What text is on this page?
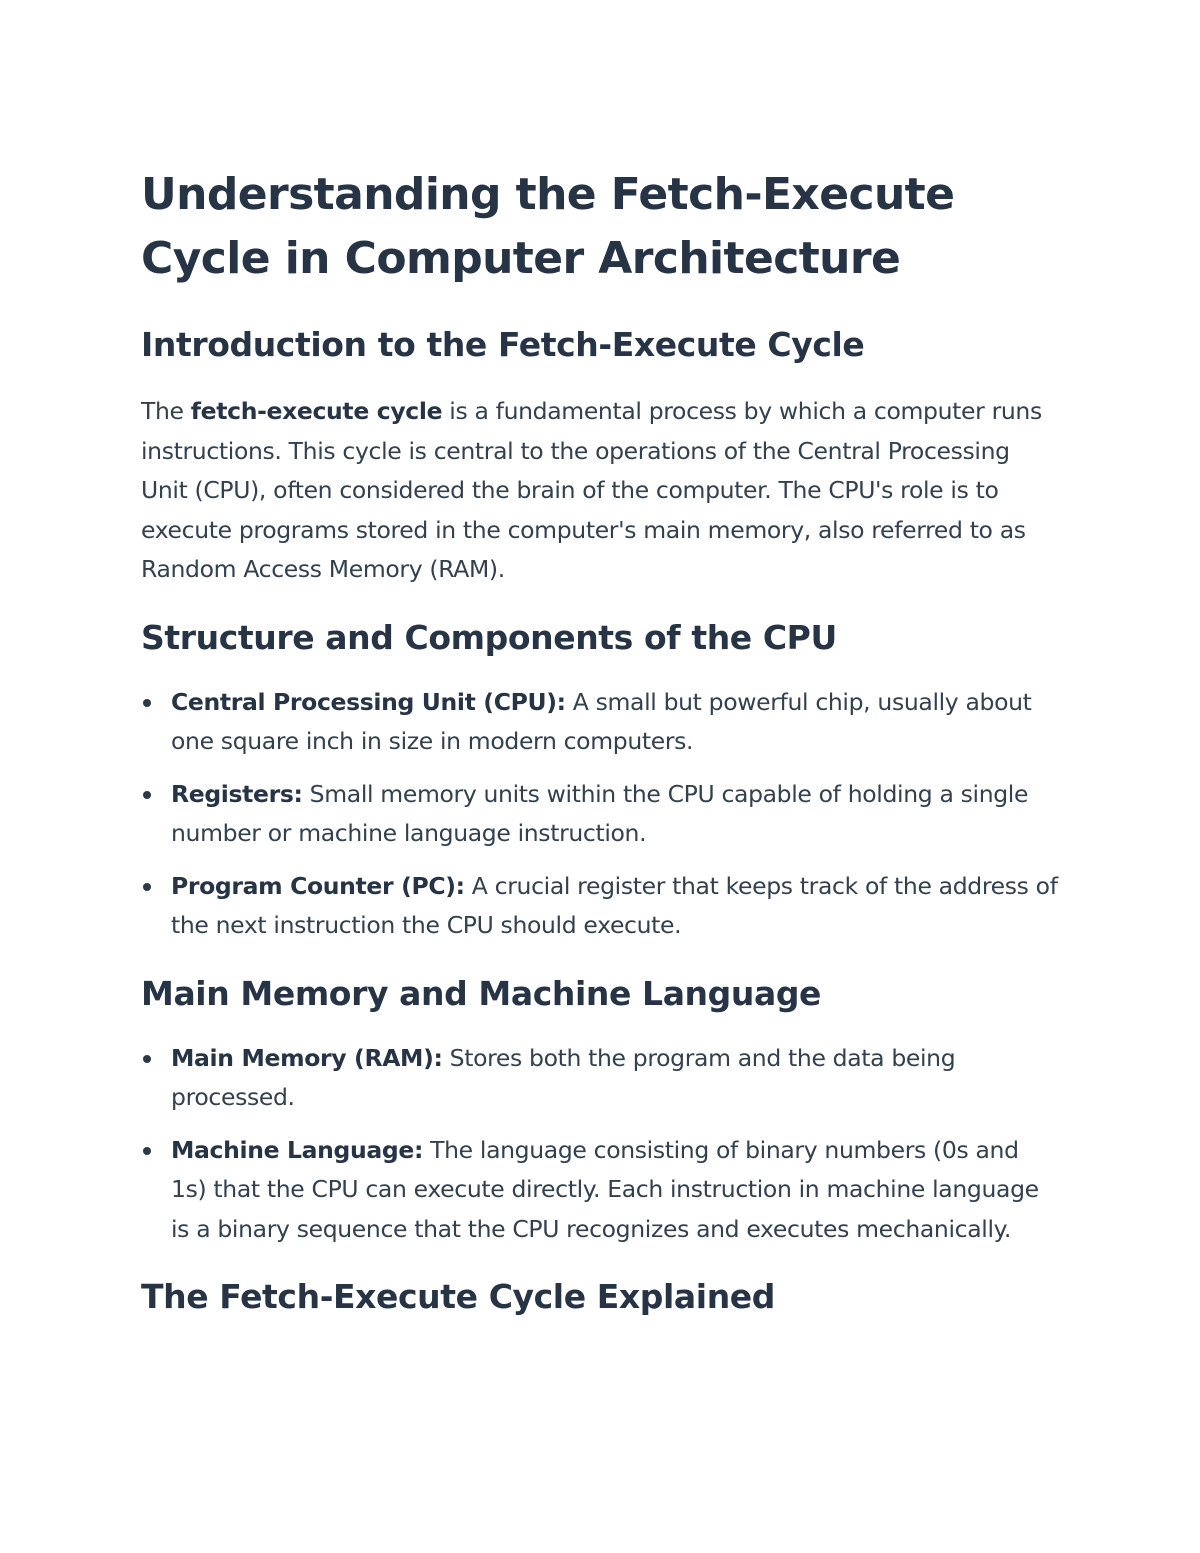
Understanding the Fetch-Execute Cycle in Computer Architecture
Introduction to the Fetch-Execute Cycle

The fetch-execute cycle is a fundamental process by which a computer runs instructions. This cycle is central to the operations of the Central Processing Unit (CPU), often considered the brain of the computer. The CPU's role is to execute programs stored in the computer's main memory, also referred to as Random Access Memory (RAM).

Structure and Components of the CPU
Central Processing Unit (CPU): A small but powerful chip, usually about one square inch in size in modern computers.
Registers: Small memory units within the CPU capable of holding a single number or machine language instruction.
Program Counter (PC): A crucial register that keeps track of the address of the next instruction the CPU should execute.
Main Memory and Machine Language
Main Memory (RAM): Stores both the program and the data being processed.
Machine Language: The language consisting of binary numbers (0s and 1s) that the CPU can execute directly. Each instruction in machine language is a binary sequence that the CPU recognizes and executes mechanically.
The Fetch-Execute Cycle Explained
